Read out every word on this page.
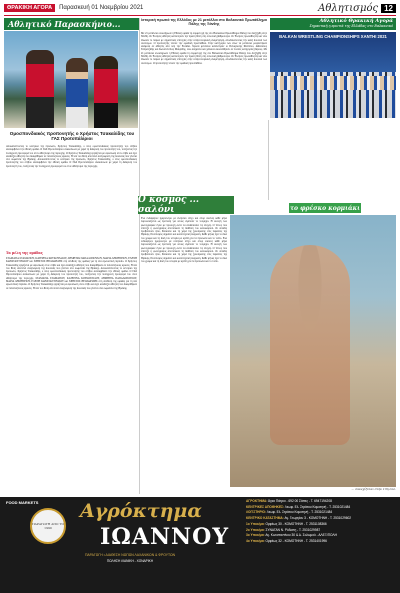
ΘΡΑΚΙΚΗ ΑΓΟΡΑ	Παρασκευή 01 Νοεμβρίου 2021	Αθλητισμός 12
Αθλητικό Παρασκήνιο...
Ομοσπονδιακός προπονητής ο Χρήστος Τσακαλίδης του ΓΑΣ Προτοπάλίριοι
Αποκαλύπτοντας το κεντρικό της πρόσωπο, Χρήστος Τσακαλίδης, ο νέος ομοσπονδιακός προπονητής του στίβου αναλαμβάνει την εθνική ομάδα. Ο ΓΑΣ Προτοπάλίριοι ανακοίνωσε με χαρά τη διάκριση του προπονητή του, τονίζοντας την πολύχρονη προσφορά του στον αθλητισμό της περιοχής. Ο Χρήστος Τσακαλίδης εργάζεται με αφοσίωση στον στίβο και έχει αναδείξει αθλητές που διακρίθηκαν σε πανελλήνιους αγώνες. Η νέα του θέση αποτελεί αναγνώριση της δουλειάς που γίνεται στα σωματεία της Θράκης. Αποκαλύπτοντας το κεντρικό της πρόσωπο, Χρήστος Τσακαλίδης, ο νέος ομοσπονδιακός προπονητής του στίβου αναλαμβάνει την εθνική ομάδα. Ο ΓΑΣ Προτοπάλίριοι ανακοίνωσε με χαρά τη διάκριση του προπονητή του, τονίζοντας την πολύχρονη προσφορά του στον αθλητισμό της περιοχής.
Τα μέλη της ομάδας
ΣΤΑΜΑΤΙΑ ΣΤΑΜΑΤΙΟΥ, ΚΑΤΕΡΙΝΑ ΚΟΥΚΟΥΛΙΔΟΥ, ΔΗΜΗΤΡΑ ΠΑΠΑΔΟΠΟΥΛΟΥ, ΜΑΡΙΑ ΔΗΜΗΤΡΙΟΥ, ΕΛΕΝΗ ΚΩΝΣΤΑΝΤΙΝΙΔΟΥ και ΧΡΗΣΤΟΣ ΘΕΟΔΩΡΙΔΗΣ στη σύνθεση της ομάδας για τη νέα αγωνιστική περίοδο. Ο Χρήστος Τσακαλίδης εργάζεται με αφοσίωση στον στίβο και έχει αναδείξει αθλητές που διακρίθηκαν σε πανελλήνιους αγώνες. Η νέα του θέση αποτελεί αναγνώριση της δουλειάς που γίνεται στα σωματεία της Θράκης. Αποκαλύπτοντας το κεντρικό της πρόσωπο, Χρήστος Τσακαλίδης, ο νέος ομοσπονδιακός προπονητής του στίβου αναλαμβάνει την εθνική ομάδα. Ο ΓΑΣ Προτοπάλίριοι ανακοίνωσε με χαρά τη διάκριση του προπονητή του, τονίζοντας την πολύχρονη προσφορά του στον αθλητισμό της περιοχής. ΣΤΑΜΑΤΙΑ ΣΤΑΜΑΤΙΟΥ, ΚΑΤΕΡΙΝΑ ΚΟΥΚΟΥΛΙΔΟΥ, ΔΗΜΗΤΡΑ ΠΑΠΑΔΟΠΟΥΛΟΥ, ΜΑΡΙΑ ΔΗΜΗΤΡΙΟΥ, ΕΛΕΝΗ ΚΩΝΣΤΑΝΤΙΝΙΔΟΥ και ΧΡΗΣΤΟΣ ΘΕΟΔΩΡΙΔΗΣ στη σύνθεση της ομάδας για τη νέα αγωνιστική περίοδο. Ο Χρήστος Τσακαλίδης εργάζεται με αφοσίωση στον στίβο και έχει αναδείξει αθλητές που διακρίθηκαν σε πανελλήνιους αγώνες. Η νέα του θέση αποτελεί αναγνώριση της δουλειάς που γίνεται στα σωματεία της Θράκης.
Ιστορική πρωτιά της Ελλάδος με 21 μετάλλια στο Βαλκανικό Πρωτάθλημα Πάλης της Ξάνθης
Με 21 μετάλλια ολοκλήρωσε η Εθνική ομάδα τη συμμετοχή της στο Βαλκανικό Πρωτάθλημα Πάλης που διεξήχθη στην Ξάνθη. Οι Έλληνες αθλητές κατέκτησαν την πρώτη θέση στη συνολική βαθμολογία. Οι Έλληνες πρωταθλητές και νέοι έδωσαν το παρών με σημαντικές επιτυχίες στην ελληνοτουρκική αναμέτρηση, αποδεικνύοντας την καλή δουλειά των συλλόγων. Ο προπονητής τόνισε την ομαδική προσπάθεια. Στην κατηγορία των νέων τα μετάλλια μοιράστηκαν ανάμεσα σε αθλητές από όλη την Ελλάδα. Χρυσά μετάλλια κατέκτησαν οι Παναγιώτης Φιλίππου, Αθανάσιος Ταπρατζίδης και Κωνσταντίνος Μαυρίδης, ενώ ασημένια και χάλκινα ακολούθησαν σε πολλές κατηγορίες βάρους. Με 21 μετάλλια ολοκλήρωσε η Εθνική ομάδα τη συμμετοχή της στο Βαλκανικό Πρωτάθλημα Πάλης που διεξήχθη στην Ξάνθη. Οι Έλληνες αθλητές κατέκτησαν την πρώτη θέση στη συνολική βαθμολογία. Οι Έλληνες πρωταθλητές και νέοι έδωσαν το παρών με σημαντικές επιτυχίες στην ελληνοτουρκική αναμέτρηση, αποδεικνύοντας την καλή δουλειά των συλλόγων. Ο προπονητής τόνισε την ομαδική προσπάθεια.
Αθλητικό Θρακική Αγορά
Σημαντική η πρωτιά της Ελλάδας στο Βαλκανικό
BALKAN WRESTLING CHAMPIONSHIPS XANTHI 2021
Ο κόσμος ... σαλόνι	το φρέσκο κορμιάκι
Ενα ενδιαφέρον ημερολόγιο με ελληνικό στίχο και σπορ εικόνες κάθε μήνα παρουσιάζεται ως πρόταση για όσους αγαπούν το τολμηρό. Η εκλογή των φωτογραφιών έγινε με προσοχή ώστε να αναδεικνύει τις εποχές. Ο τίτλος που επέλεξε η φωτογράφος αποτυπώνει τη διάθεση του καλοκαιριού. Οι σελίδες προβάλλουν ήλιο, θάλασσα και τη χαρά της ξεκούρασης στις παραλίες της Θράκης. Πολιτισμός σημαίνει και καλλιτεχνική έκφραση. Κάθε μήνας έχει το δικό του χρώμα και τη δική του ιστορία με αγάπη για τα πρόσωπα και το τοπίο. Ενα ενδιαφέρον ημερολόγιο με ελληνικό στίχο και σπορ εικόνες κάθε μήνα παρουσιάζεται ως πρόταση για όσους αγαπούν το τολμηρό. Η εκλογή των φωτογραφιών έγινε με προσοχή ώστε να αναδεικνύει τις εποχές. Ο τίτλος που επέλεξε η φωτογράφος αποτυπώνει τη διάθεση του καλοκαιριού. Οι σελίδες προβάλλουν ήλιο, θάλασσα και τη χαρά της ξεκούρασης στις παραλίες της Θράκης. Πολιτισμός σημαίνει και καλλιτεχνική έκφραση. Κάθε μήνας έχει το δικό του χρώμα και τη δική του ιστορία με αγάπη για τα πρόσωπα και το τοπίο.
... συνεχίζεται στην 13η σελ.
FOOD MARKETS
ΠΑΡΑΓΩΓΗ ΑΠΟ ΤΟ 1990
Αγρόκτημα
ΙΩΑΝΝΟΥ
ΠΑΡΑΓΩΓΗ • ΔΙΑΘΕΣΗ ΝΩΠΩΝ ΛΑΧΑΝΙΚΩΝ & ΦΡΟΥΤΩΝ
ΠΩΛΗΣΗ ΛΙΑΝΙΚΗ - ΧΟΝΔΡΙΚΗ
ΑΓΡΟΚΤΗΜΑ: Άγιοι Πάτροι - 692 00 Σάπες - Τ. 6947194208
ΚΕΝΤΡΙΚΕΣ ΑΠΟΘΗΚΕΣ: Λεωφ. Ελ. Στράτου Κομοτηνή - Τ. 2531021484
ΛΟΓΙΣΤΗΡΙΟ: Λεωφ. Ελ. Στράτου Κομοτηνή - Τ. 2531021484
ΚΕΝΤΡΙΚΟ ΚΑΤΑΣΤΗΜΑ: Αγ. Γεωργίου 3 - ΚΟΜΟΤΗΝΗ - Τ. 2531029602
1ο Υποκ/μα: Ορφέως 30 - ΚΟΜΟΤΗΝΗ - Τ. 2531108366
2ο Υποκ/μα: ΣΥΝΑΓΑΝ Ν. Ρόδοπη - Τ. 2531029987
3ο Υποκ/μα: Αγ. Κωνσταντίνου 30 & Δ. Σολωμού - ΑΛΕΞ/ΠΟΛΗ
4ο Υποκ/μα: Ορφέως 32 - ΚΟΜΟΤΗΝΗ - Τ. 2531401996
